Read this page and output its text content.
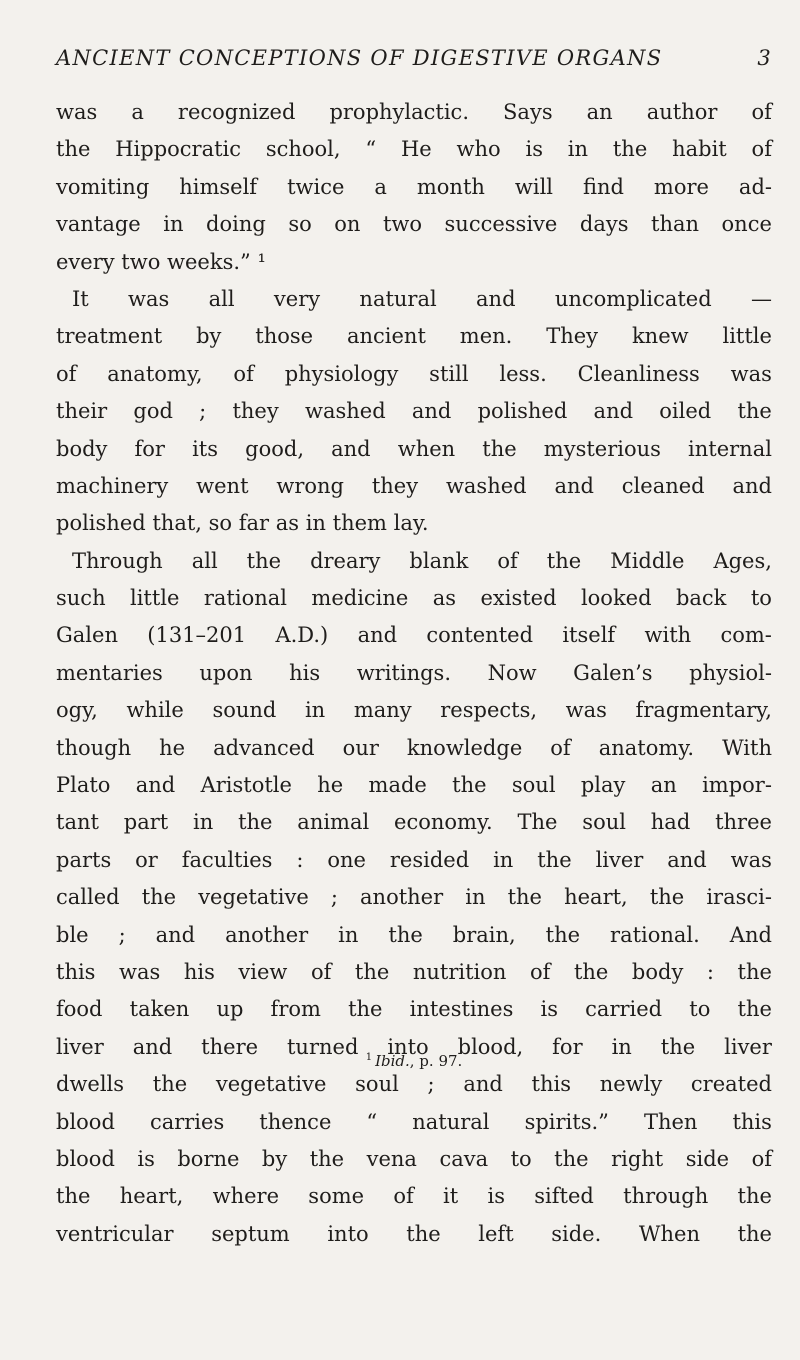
ANCIENT CONCEPTIONS OF DIGESTIVE ORGANS	3
was a recognized prophylactic. Says an author of
the Hippocratic school, “ He who is in the habit of
vomiting himself twice a month will find more ad-
vantage in doing so on two successive days than once
every two weeks.” ¹
It was all very natural and uncomplicated —
treatment by those ancient men. They knew little
of anatomy, of physiology still less. Cleanliness was
their god ; they washed and polished and oiled the
body for its good, and when the mysterious internal
machinery went wrong they washed and cleaned and
polished that, so far as in them lay.
Through all the dreary blank of the Middle Ages,
such little rational medicine as existed looked back to
Galen (131–201 A.D.) and contented itself with com-
mentaries upon his writings. Now Galen’s physiol-
ogy, while sound in many respects, was fragmentary,
though he advanced our knowledge of anatomy. With
Plato and Aristotle he made the soul play an impor-
tant part in the animal economy. The soul had three
parts or faculties : one resided in the liver and was
called the vegetative ; another in the heart, the irasci-
ble ; and another in the brain, the rational. And
this was his view of the nutrition of the body : the
food taken up from the intestines is carried to the
liver and there turned into blood, for in the liver
dwells the vegetative soul ; and this newly created
blood carries thence “ natural spirits.” Then this
blood is borne by the vena cava to the right side of
the heart, where some of it is sifted through the
ventricular septum into the left side. When the
$^1$ Ibid., p. 97.
